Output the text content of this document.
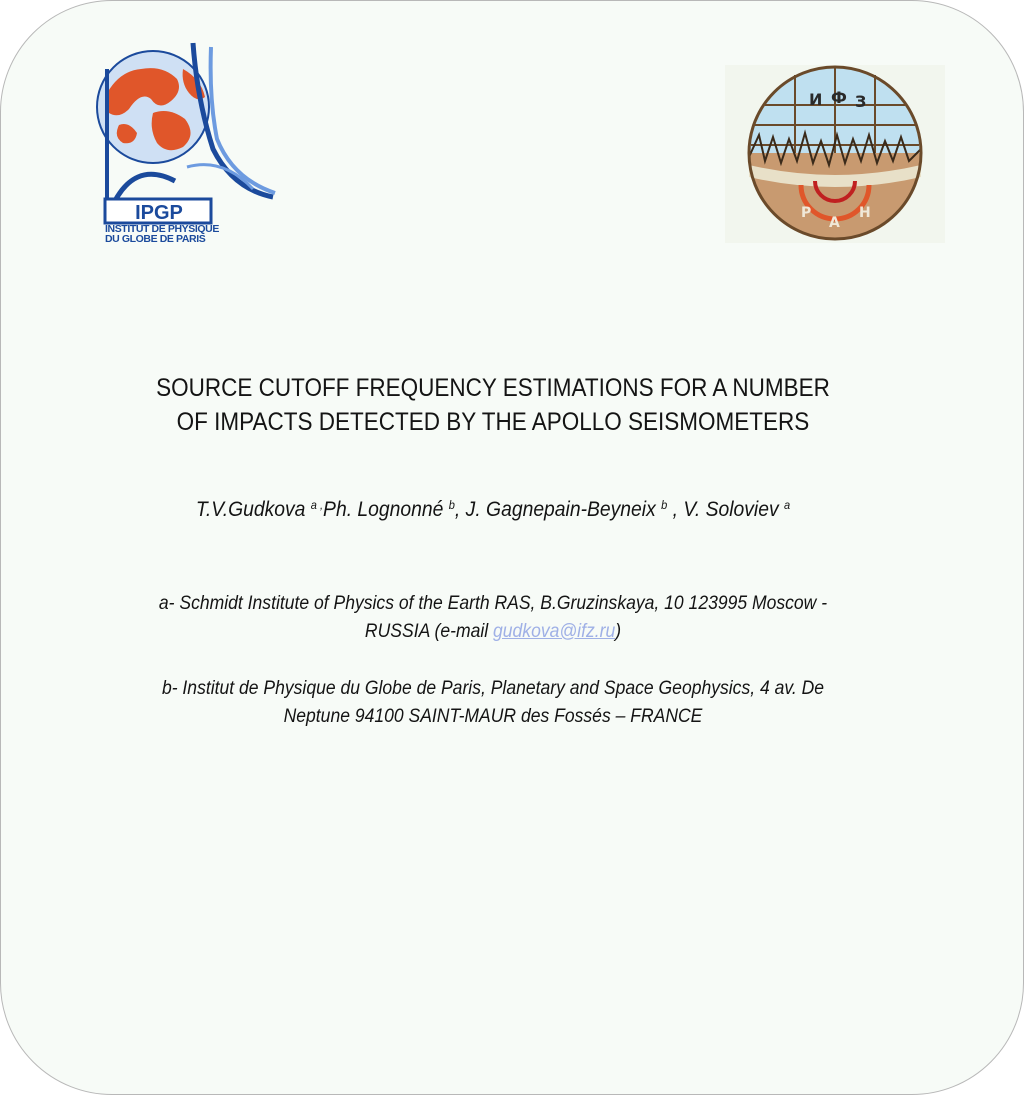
IPGP
INSTITUT DE PHYSIQUE
DU GLOBE DE PARIS
И Ф З
Р
А
Н
SOURCE CUTOFF FREQUENCY ESTIMATIONS FOR A NUMBER
OF IMPACTS DETECTED BY THE APOLLO SEISMOMETERS
T.V.Gudkova $^{a ,}$Ph. Lognonné $^b$, J. Gagnepain-Beyneix $^b$ , V. Soloviev $^a$
a- Schmidt Institute of Physics of the Earth RAS, B.Gruzinskaya, 10 123995 Moscow -
RUSSIA (e-mail gudkova@ifz.ru)
b- Institut de Physique du Globe de Paris, Planetary and Space Geophysics, 4 av. De
Neptune 94100 SAINT-MAUR des Fossés – FRANCE
